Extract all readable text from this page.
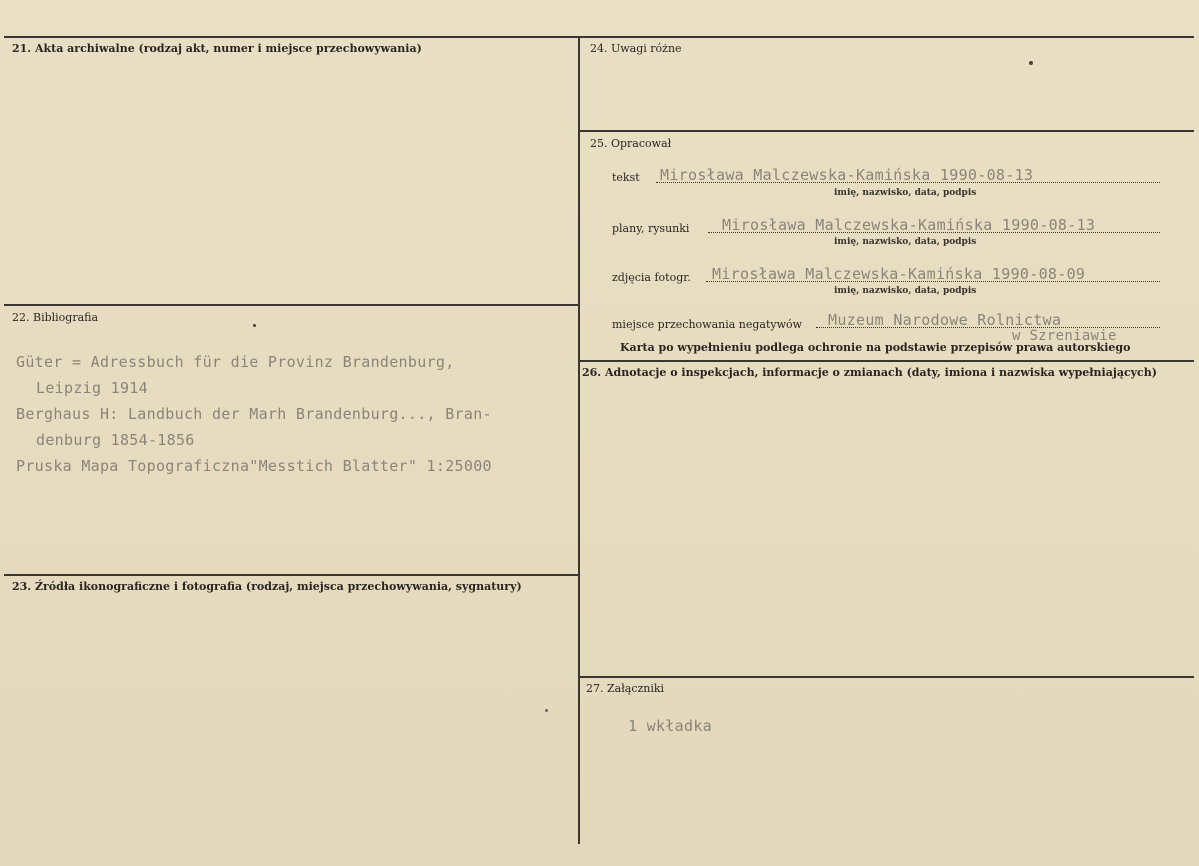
21. Akta archiwalne (rodzaj akt, numer i miejsce przechowywania)
22. Bibliografia
Güter = Adressbuch für die Provinz Brandenburg,
Leipzig 1914
Berghaus H: Landbuch der Marh Brandenburg..., Bran-
denburg 1854-1856
Pruska Mapa Topograficzna"Messtich Blatter" 1:25000
23. Źródła ikonograficzne i fotografia (rodzaj, miejsca przechowywania, sygnatury)
24. Uwagi różne
25. Opracował
tekst Mirosława Malczewska-Kamińska 1990-08-13
imię, nazwisko, data, podpis
plany, rysunki Mirosława Malczewska-Kamińska 1990-08-13
imię, nazwisko, data, podpis
zdjęcia fotogr. Mirosława Malczewska-Kamińska 1990-08-09
imię, nazwisko, data, podpis
miejsce przechowania negatywów Muzeum Narodowe Rolnictwa
w Szreniawie
Karta po wypełnieniu podlega ochronie na podstawie przepisów prawa autorskiego
26. Adnotacje o inspekcjach, informacje o zmianach (daty, imiona i nazwiska wypełniających)
27. Załączniki
1 wkładka
